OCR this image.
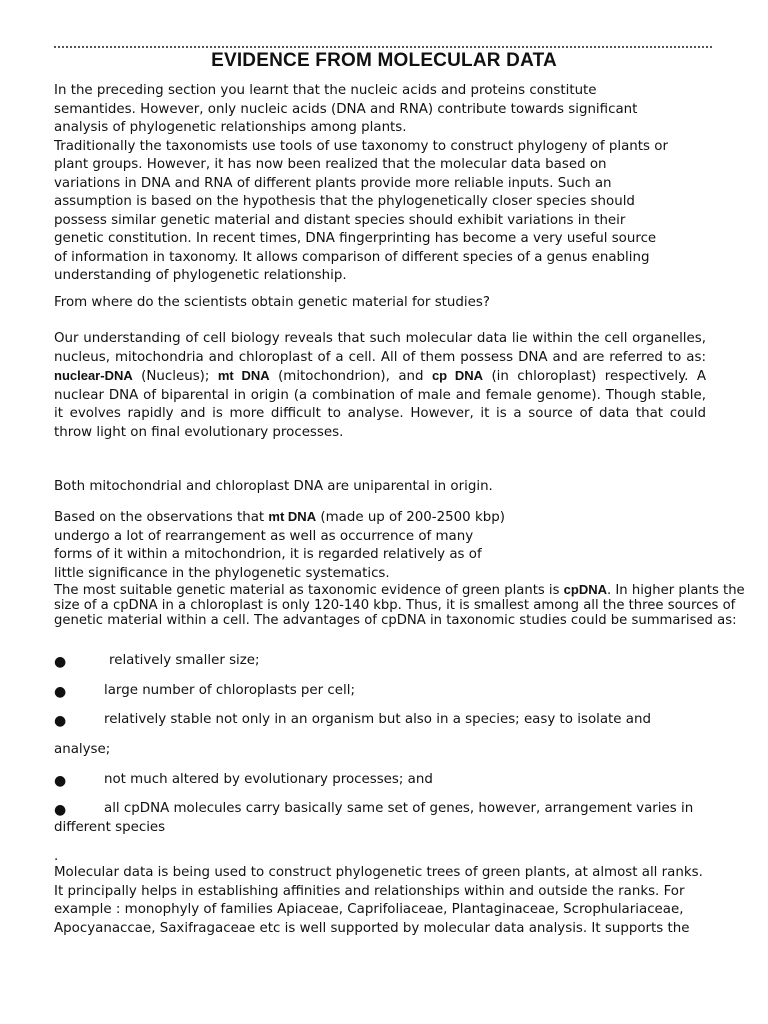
EVIDENCE FROM MOLECULAR DATA
In the preceding section you learnt that the nucleic acids and proteins constitute
semantides. However, only nucleic acids (DNA and RNA) contribute towards significant
analysis of phylogenetic relationships among plants.
Traditionally the taxonomists use tools of use taxonomy to construct phylogeny of plants or
plant groups. However, it has now been realized that the molecular data based on
variations in DNA and RNA of different plants provide more reliable inputs. Such an
assumption is based on the hypothesis that the phylogenetically closer species should
possess similar genetic material and distant species should exhibit variations in their
genetic constitution. In recent times, DNA fingerprinting has become a very useful source
of information in taxonomy. It allows comparison of different species of a genus enabling
understanding of phylogenetic relationship.
From where do the scientists obtain genetic material for studies?

Our understanding of cell biology reveals that such molecular data lie within the cell organelles, nucleus, mitochondria and chloroplast of a cell. All of them possess DNA and are referred to as: nuclear-DNA (Nucleus); mt DNA (mitochondrion), and cp DNA (in chloroplast) respectively. A nuclear DNA of biparental in origin (a combination of male and female genome). Though stable, it evolves rapidly and is more difficult to analyse. However, it is a source of data that could throw light on final evolutionary processes.

Both mitochondrial and chloroplast DNA are uniparental in origin.
Based on the observations that mt DNA (made up of 200-2500 kbp)
undergo a lot of rearrangement as well as occurrence of many
forms of it within a mitochondrion, it is regarded relatively as of
little significance in the phylogenetic systematics.

The most suitable genetic material as taxonomic evidence of green plants is cpDNA. In higher plants the size of a cpDNA in a chloroplast is only 120-140 kbp. Thus, it is smallest among all the three sources of genetic material within a cell. The advantages of cpDNA in taxonomic studies could be summarised as:

●	relatively smaller size;
●	large number of chloroplasts per cell;
●	relatively stable not only in an organism but also in a species; easy to isolate and
analyse;
●	not much altered by evolutionary processes; and
●	all cpDNA molecules carry basically same set of genes, however, arrangement varies in
different species
.
Molecular data is being used to construct phylogenetic trees of green plants, at almost all ranks.
It principally helps in establishing affinities and relationships within and outside the ranks. For
example : monophyly of families Apiaceae, Caprifoliaceae, Plantaginaceae, Scrophulariaceae,
Apocyanaccae, Saxifragaceae etc is well supported by molecular data analysis. It supports the
